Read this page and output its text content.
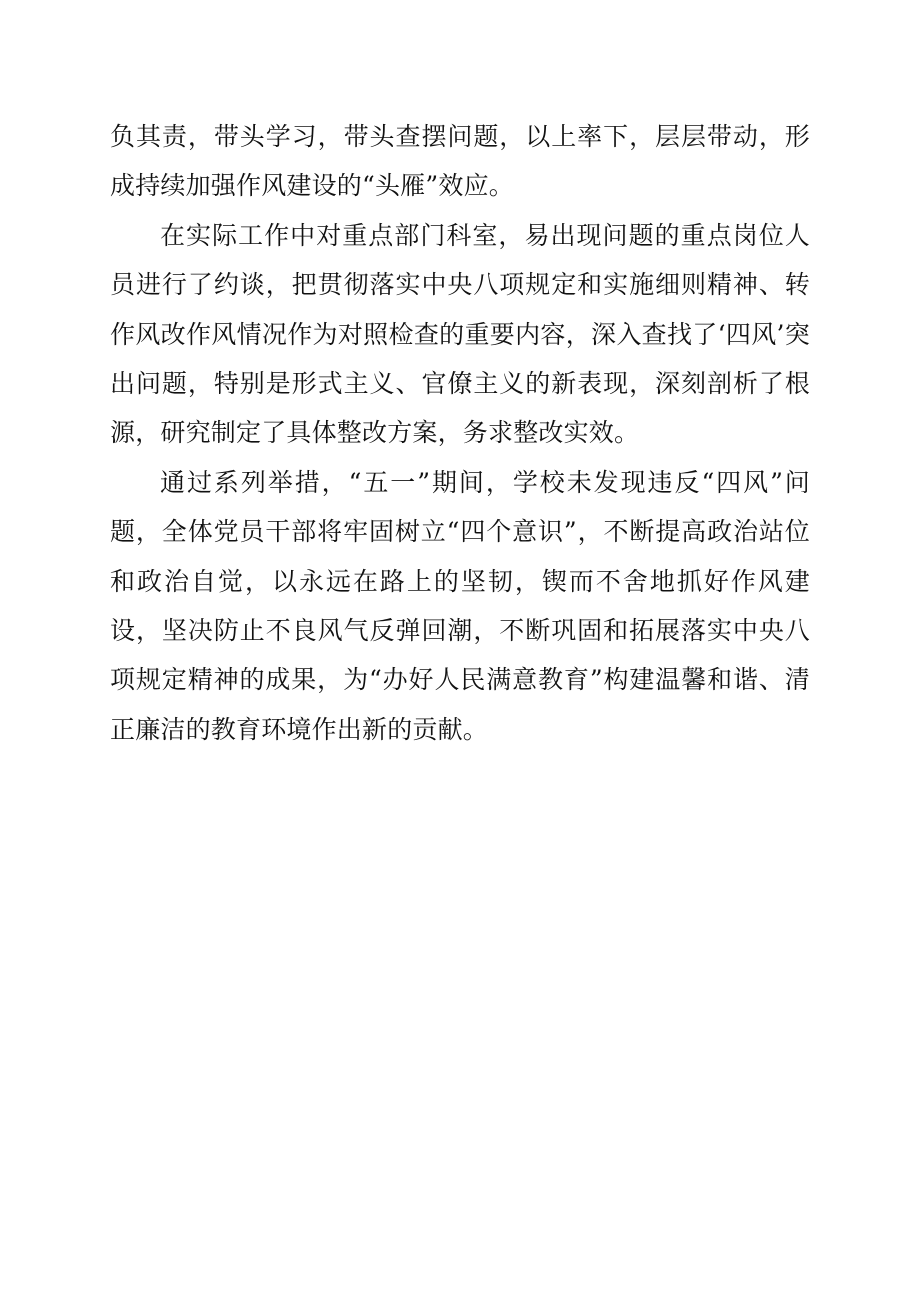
负其责，带头学习，带头查摆问题，以上率下，层层带动，形成持续加强作风建设的“头雁”效应。

在实际工作中对重点部门科室，易出现问题的重点岗位人员进行了约谈，把贯彻落实中央八项规定和实施细则精神、转作风改作风情况作为对照检查的重要内容，深入查找了‘四风’突出问题，特别是形式主义、官僚主义的新表现，深刻剖析了根源，研究制定了具体整改方案，务求整改实效。

通过系列举措，“五一”期间，学校未发现违反“四风”问题，全体党员干部将牢固树立“四个意识”，不断提高政治站位和政治自觉，以永远在路上的坚韧，锲而不舍地抓好作风建设，坚决防止不良风气反弹回潮，不断巩固和拓展落实中央八项规定精神的成果，为“办好人民满意教育”构建温馨和谐、清正廉洁的教育环境作出新的贡献。
